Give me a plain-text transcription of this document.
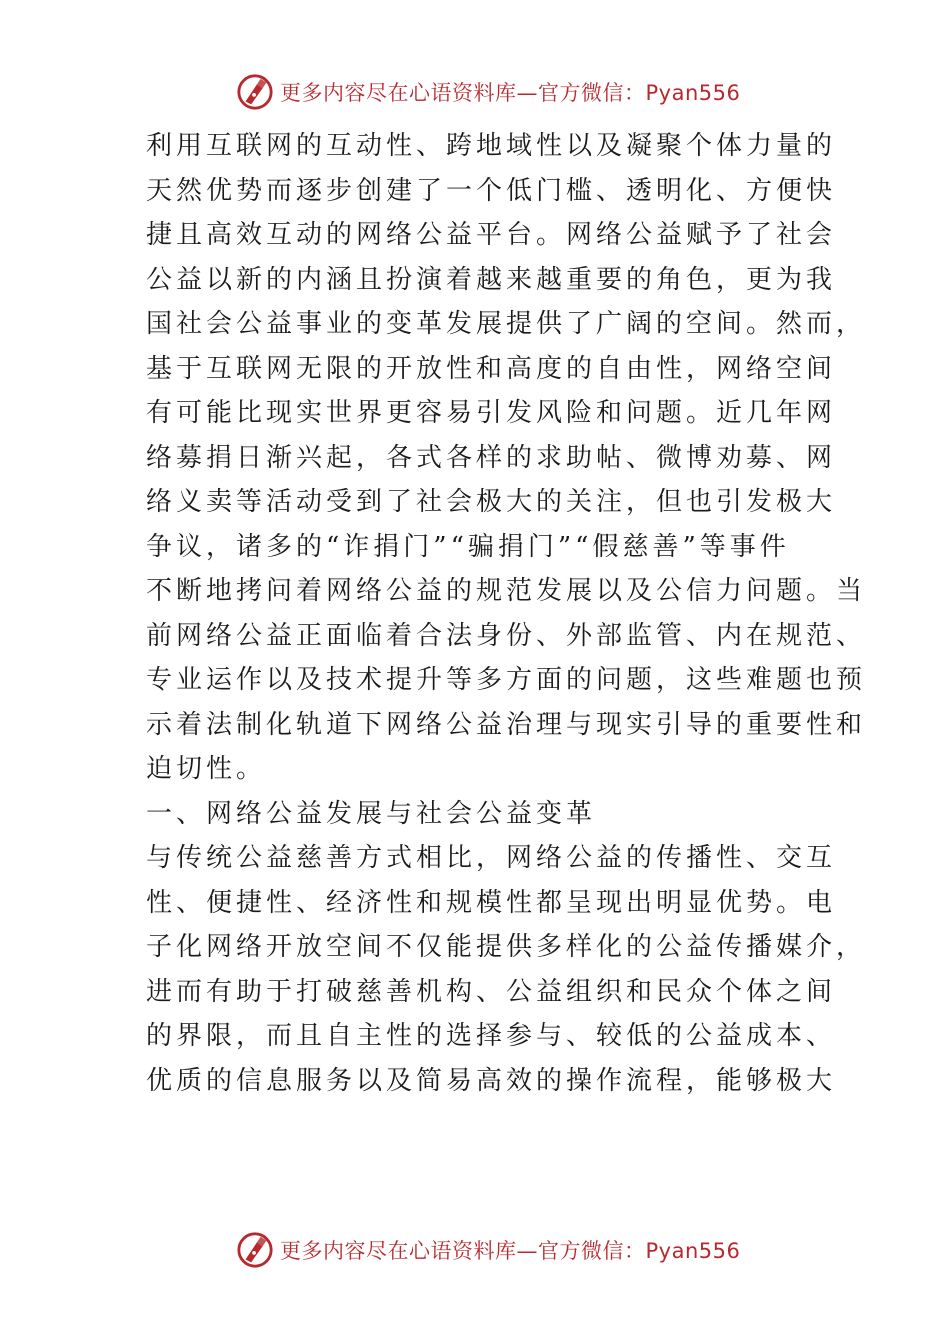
更多内容尽在心语资料库—官方微信：Pyan556
利用互联网的互动性、跨地域性以及凝聚个体力量的
天然优势而逐步创建了一个低门槛、透明化、方便快
捷且高效互动的网络公益平台。网络公益赋予了社会
公益以新的内涵且扮演着越来越重要的角色，更为我
国社会公益事业的变革发展提供了广阔的空间。然而，
基于互联网无限的开放性和高度的自由性，网络空间
有可能比现实世界更容易引发风险和问题。近几年网
络募捐日渐兴起，各式各样的求助帖、微博劝募、网
络义卖等活动受到了社会极大的关注，但也引发极大
争议，诸多的“诈捐门”“骗捐门”“假慈善”等事件
不断地拷问着网络公益的规范发展以及公信力问题。当
前网络公益正面临着合法身份、外部监管、内在规范、
专业运作以及技术提升等多方面的问题，这些难题也预
示着法制化轨道下网络公益治理与现实引导的重要性和
迫切性。
一、网络公益发展与社会公益变革
与传统公益慈善方式相比，网络公益的传播性、交互
性、便捷性、经济性和规模性都呈现出明显优势。电
子化网络开放空间不仅能提供多样化的公益传播媒介，
进而有助于打破慈善机构、公益组织和民众个体之间
的界限，而且自主性的选择参与、较低的公益成本、
优质的信息服务以及简易高效的操作流程，能够极大
更多内容尽在心语资料库—官方微信：Pyan556
